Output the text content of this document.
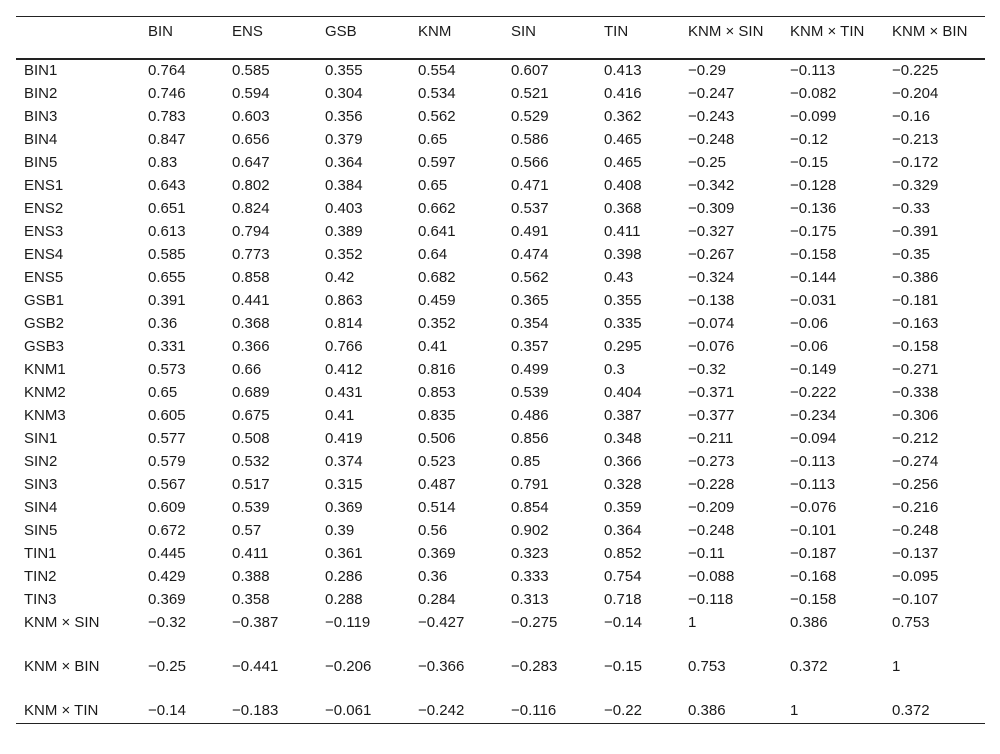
	BIN	ENS	GSB	KNM	SIN	TIN	KNM × SIN	KNM × TIN	KNM × BIN
BIN1	0.764	0.585	0.355	0.554	0.607	0.413	−0.29	−0.113	−0.225
BIN2	0.746	0.594	0.304	0.534	0.521	0.416	−0.247	−0.082	−0.204
BIN3	0.783	0.603	0.356	0.562	0.529	0.362	−0.243	−0.099	−0.16
BIN4	0.847	0.656	0.379	0.65	0.586	0.465	−0.248	−0.12	−0.213
BIN5	0.83	0.647	0.364	0.597	0.566	0.465	−0.25	−0.15	−0.172
ENS1	0.643	0.802	0.384	0.65	0.471	0.408	−0.342	−0.128	−0.329
ENS2	0.651	0.824	0.403	0.662	0.537	0.368	−0.309	−0.136	−0.33
ENS3	0.613	0.794	0.389	0.641	0.491	0.411	−0.327	−0.175	−0.391
ENS4	0.585	0.773	0.352	0.64	0.474	0.398	−0.267	−0.158	−0.35
ENS5	0.655	0.858	0.42	0.682	0.562	0.43	−0.324	−0.144	−0.386
GSB1	0.391	0.441	0.863	0.459	0.365	0.355	−0.138	−0.031	−0.181
GSB2	0.36	0.368	0.814	0.352	0.354	0.335	−0.074	−0.06	−0.163
GSB3	0.331	0.366	0.766	0.41	0.357	0.295	−0.076	−0.06	−0.158
KNM1	0.573	0.66	0.412	0.816	0.499	0.3	−0.32	−0.149	−0.271
KNM2	0.65	0.689	0.431	0.853	0.539	0.404	−0.371	−0.222	−0.338
KNM3	0.605	0.675	0.41	0.835	0.486	0.387	−0.377	−0.234	−0.306
SIN1	0.577	0.508	0.419	0.506	0.856	0.348	−0.211	−0.094	−0.212
SIN2	0.579	0.532	0.374	0.523	0.85	0.366	−0.273	−0.113	−0.274
SIN3	0.567	0.517	0.315	0.487	0.791	0.328	−0.228	−0.113	−0.256
SIN4	0.609	0.539	0.369	0.514	0.854	0.359	−0.209	−0.076	−0.216
SIN5	0.672	0.57	0.39	0.56	0.902	0.364	−0.248	−0.101	−0.248
TIN1	0.445	0.411	0.361	0.369	0.323	0.852	−0.11	−0.187	−0.137
TIN2	0.429	0.388	0.286	0.36	0.333	0.754	−0.088	−0.168	−0.095
TIN3	0.369	0.358	0.288	0.284	0.313	0.718	−0.118	−0.158	−0.107
KNM × SIN	−0.32	−0.387	−0.119	−0.427	−0.275	−0.14	1	0.386	0.753
KNM × BIN	−0.25	−0.441	−0.206	−0.366	−0.283	−0.15	0.753	0.372	1
KNM × TIN	−0.14	−0.183	−0.061	−0.242	−0.116	−0.22	0.386	1	0.372
